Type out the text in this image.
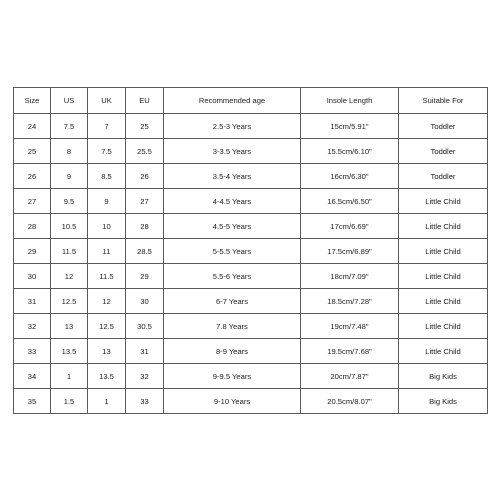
Size	US	UK	EU	Recommended age	Insole Length	Suitable For
24	7.5	7	25	2.5-3 Years	15cm/5.91"	Toddler
25	8	7.5	25.5	3-3.5 Years	15.5cm/6.10"	Toddler
26	9	8.5	26	3.5-4 Years	16cm/6.30"	Toddler
27	9.5	9	27	4-4.5 Years	16.5cm/6.50"	Little Child
28	10.5	10	28	4.5-5 Years	17cm/6.69"	Little Child
29	11.5	11	28.5	5-5.5 Years	17.5cm/6.89"	Little Child
30	12	11.5	29	5.5-6 Years	18cm/7.09"	Little Child
31	12.5	12	30	6-7 Years	18.5cm/7.28"	Little Child
32	13	12.5	30.5	7.8 Years	19cm/7.48"	Little Child
33	13.5	13	31	8-9 Years	19.5cm/7.68"	Little Child
34	1	13.5	32	9-9.5 Years	20cm/7.87"	Big Kids
35	1.5	1	33	9-10 Years	20.5cm/8.07"	Big Kids
